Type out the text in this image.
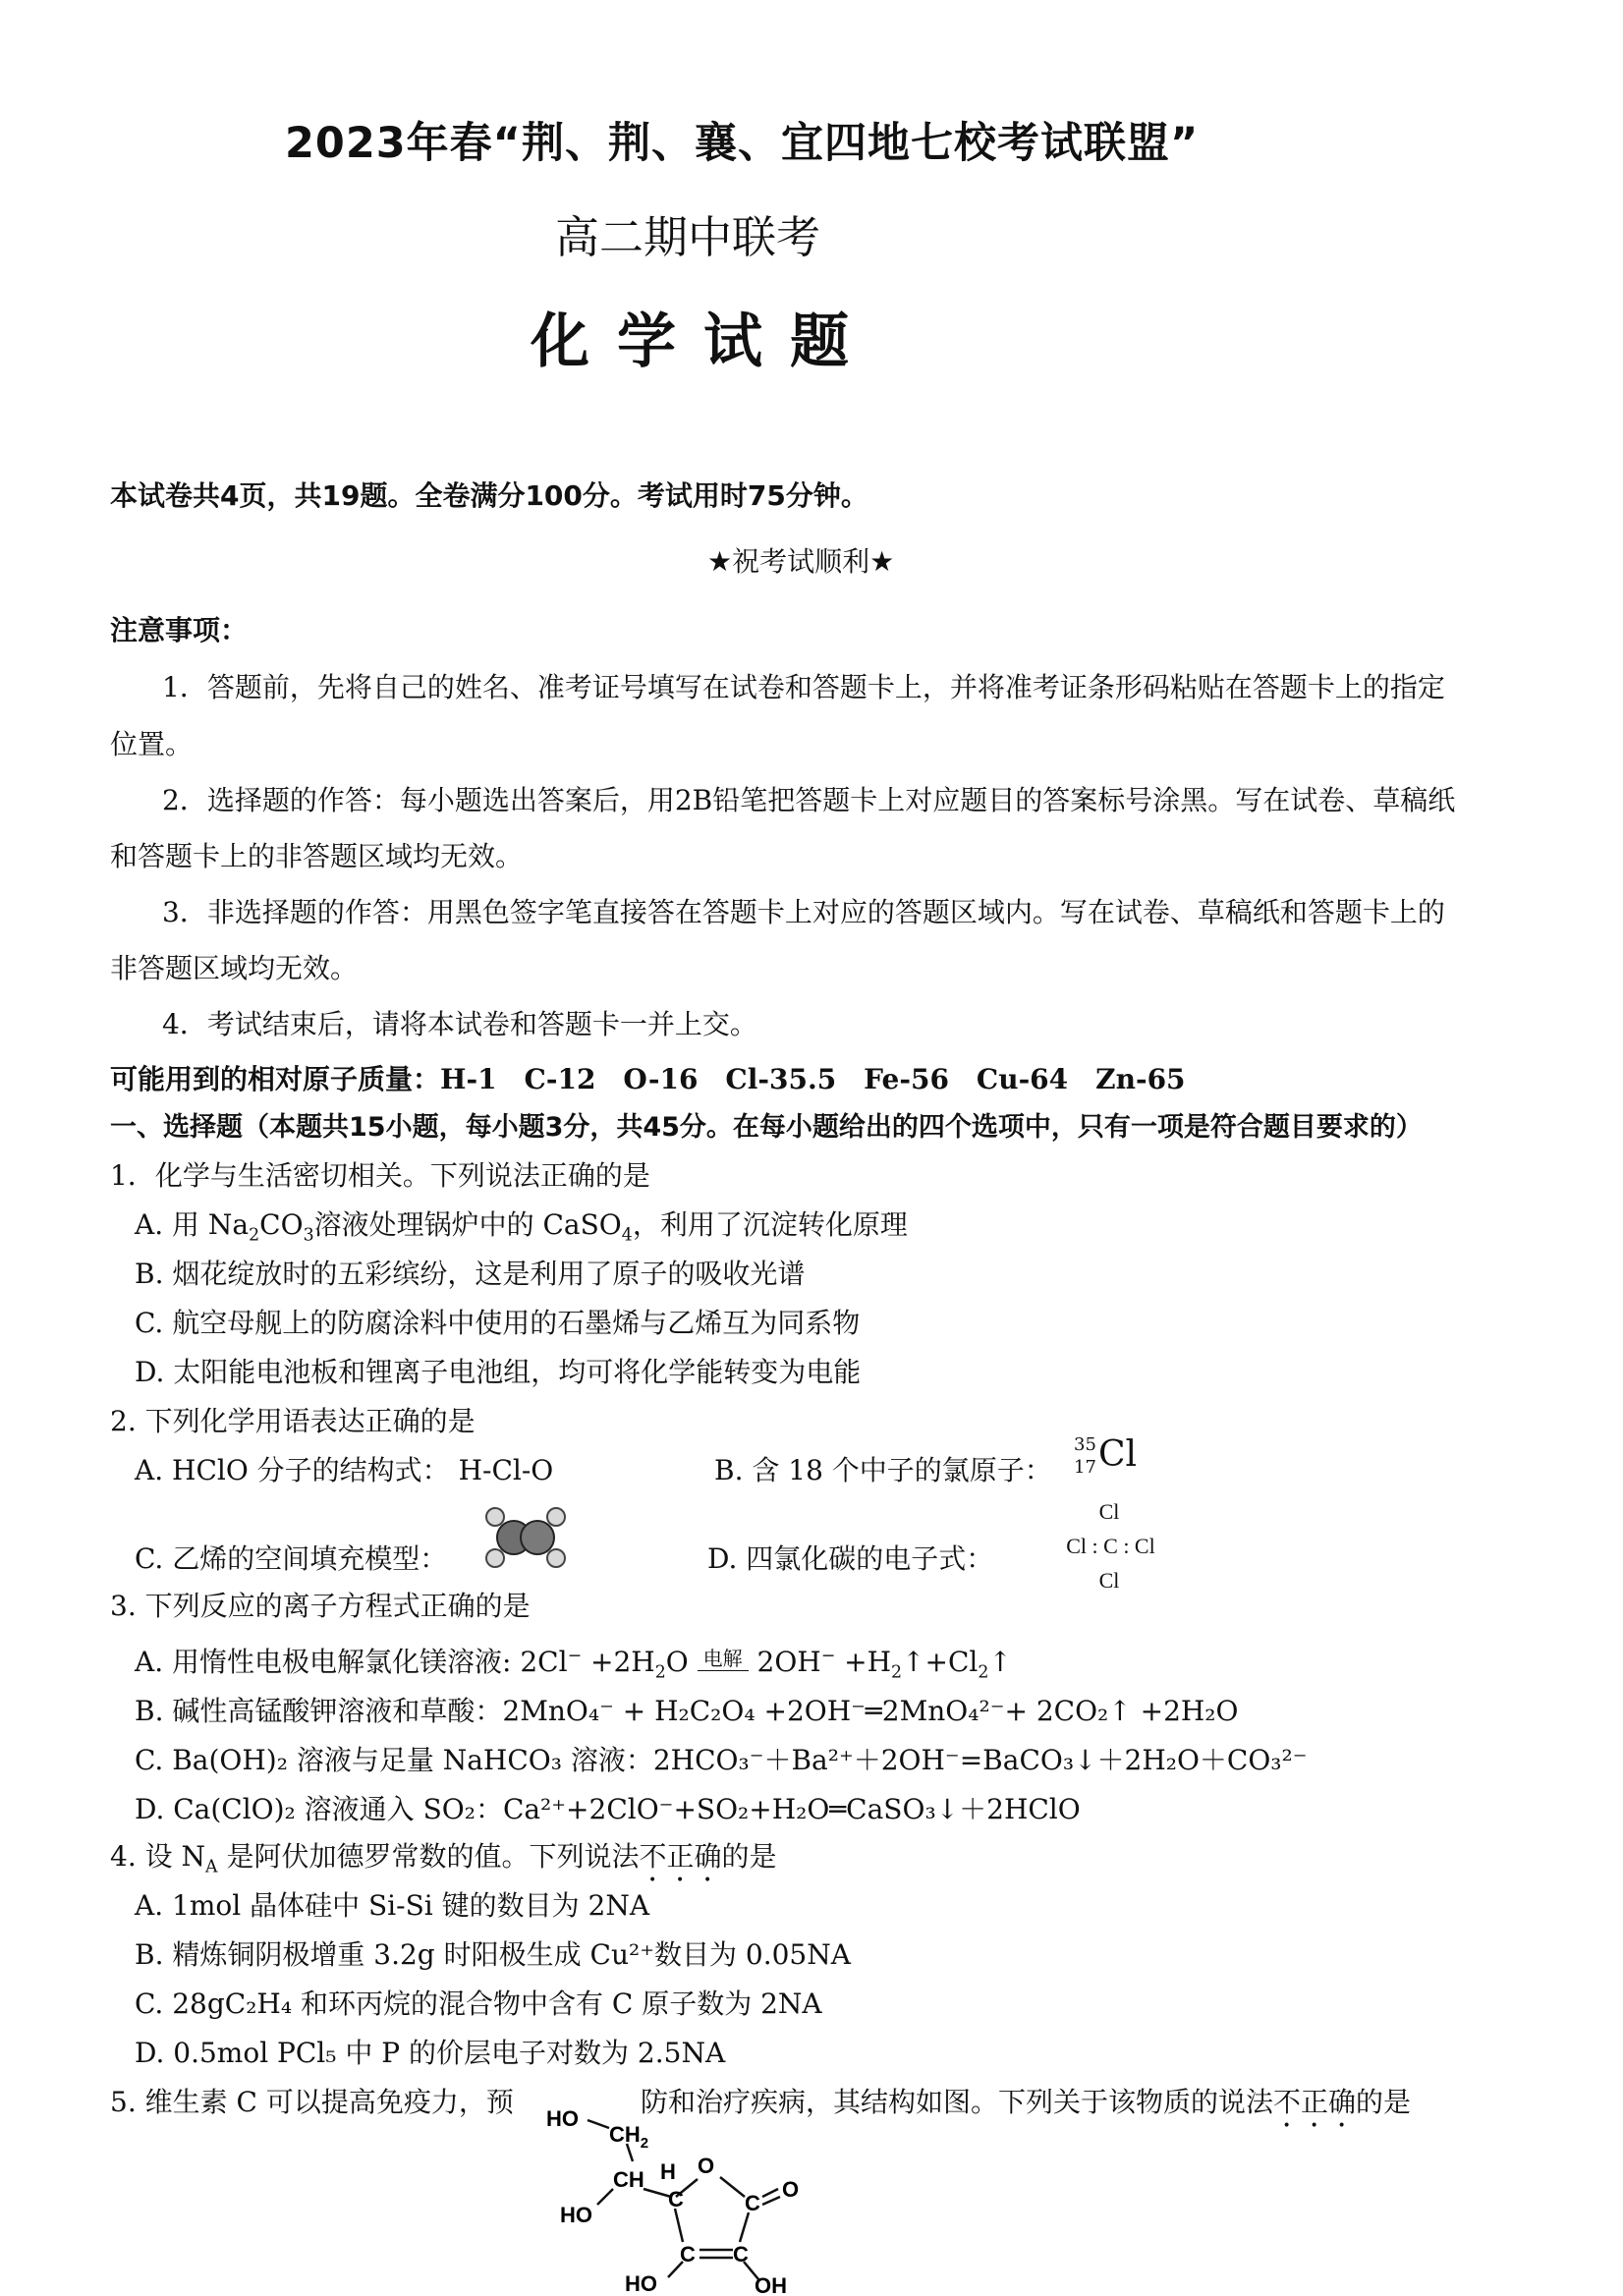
2023年春“荆、荆、襄、宜四地七校考试联盟”
高二期中联考
化学试题
本试卷共4页，共19题。全卷满分100分。考试用时75分钟。
★祝考试顺利★
注意事项：
1．答题前，先将自己的姓名、准考证号填写在试卷和答题卡上，并将准考证条形码粘贴在答题卡上的指定
位置。
2．选择题的作答：每小题选出答案后，用2B铅笔把答题卡上对应题目的答案标号涂黑。写在试卷、草稿纸
和答题卡上的非答题区域均无效。
3．非选择题的作答：用黑色签字笔直接答在答题卡上对应的答题区域内。写在试卷、草稿纸和答题卡上的
非答题区域均无效。
4．考试结束后，请将本试卷和答题卡一并上交。
可能用到的相对原子质量：H-1　C-12　O-16　Cl-35.5　Fe-56　Cu-64　Zn-65
一、选择题（本题共15小题，每小题3分，共45分。在每小题给出的四个选项中，只有一项是符合题目要求的）
1．化学与生活密切相关。下列说法正确的是
A. 用 $Na_2CO_3$溶液处理锅炉中的 CaSO$_4$，利用了沉淀转化原理
B. 烟花绽放时的五彩缤纷，这是利用了原子的吸收光谱
C. 航空母舰上的防腐涂料中使用的石墨烯与乙烯互为同系物
D. 太阳能电池板和锂离子电池组，均可将化学能转变为电能
2. 下列化学用语表达正确的是
A. HClO 分子的结构式： H-Cl-O	B. 含 18 个中子的氯原子：
35
17 Cl
C. 乙烯的空间填充模型：	D. 四氯化碳的电子式：
Cl
Cl : C : Cl
Cl
3. 下列反应的离子方程式正确的是
A. 用惰性电极电解氯化镁溶液: $2Cl^- +2H_2O$ 电解 $2OH^- +H_2↑+Cl_2↑$
B. 碱性高锰酸钾溶液和草酸：2MnO₄⁻ + H₂C₂O₄ +2OH⁻═2MnO₄²⁻+ 2CO₂↑ +2H₂O
C. Ba(OH)₂ 溶液与足量 NaHCO₃ 溶液：2HCO₃⁻＋Ba²⁺＋2OH⁻=BaCO₃↓＋2H₂O＋CO₃²⁻
D. Ca(ClO)₂ 溶液通入 SO₂：Ca²⁺+2ClO⁻+SO₂+H₂O═CaSO₃↓＋2HClO
4. 设 $N_A$ 是阿伏加德罗常数的值。下列说法不正确的是
A. 1mol 晶体硅中 Si-Si 键的数目为 2NA
B. 精炼铜阴极增重 3.2g 时阳极生成 Cu²⁺数目为 0.05NA
C. 28gC₂H₄ 和环丙烷的混合物中含有 C 原子数为 2NA
D. 0.5mol PCl₅ 中 P 的价层电子对数为 2.5NA
5. 维生素 C 可以提高免疫力，预	防和治疗疾病，其结构如图。下列关于该物质的说法不正确的是
HO
$CH_2$
CH H O
HO
C	C
O
C C
HO	OH
